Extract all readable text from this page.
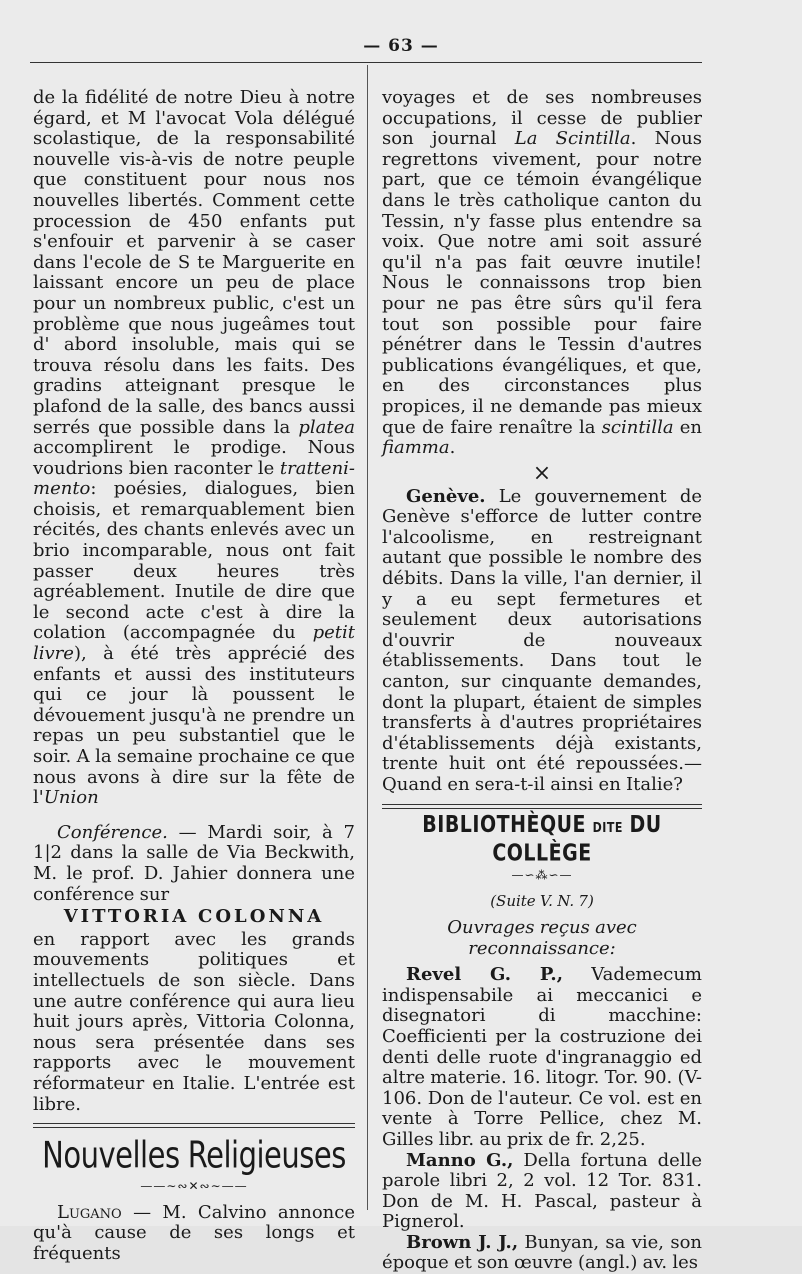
— 63 —

de la fidélité de notre Dieu à notre égard, et M l'avocat Vola délégué scolastique, de la responsabilité nouvelle vis-à-vis de notre peuple que constituent pour nous nos nouvelles libertés. Comment cette procession de 450 enfants put s'enfouir et parvenir à se caser dans l'ecole de S te Marguerite en laissant encore un peu de place pour un nombreux public, c'est un problème que nous jugeâmes tout d' abord insoluble, mais qui se trouva résolu dans les faits. Des gradins atteignant presque le plafond de la salle, des bancs aussi serrés que possible dans la platea accomplirent le prodige. Nous voudrions bien raconter le tratteni-mento: poésies, dialogues, bien choisis, et remarquablement bien récités, des chants enlevés avec un brio incomparable, nous ont fait passer deux heures très agréablement. Inutile de dire que le second acte c'est à dire la colation (accompagnée du petit livre), à été très apprécié des enfants et aussi des instituteurs qui ce jour là poussent le dévouement jusqu'à ne prendre un repas un peu substantiel que le soir. A la semaine prochaine ce que nous avons à dire sur la fête de l'Union

Conférence. — Mardi soir, à 7 1|2 dans la salle de Via Beckwith, M. le prof. D. Jahier donnera une conférence sur

VITTORIA COLONNA

en rapport avec les grands mouvements politiques et intellectuels de son siècle. Dans une autre conférence qui aura lieu huit jours après, Vittoria Colonna, nous sera présentée dans ses rapports avec le mouvement réformateur en Italie. L'entrée est libre.

Nouvelles Religieuses
——∼∾✕∾∼——

Lugano — M. Calvino annonce qu'à cause de ses longs et fréquents

voyages et de ses nombreuses occupations, il cesse de publier son journal La Scintilla. Nous regrettons vivement, pour notre part, que ce témoin évangélique dans le très catholique canton du Tessin, n'y fasse plus entendre sa voix. Que notre ami soit assuré qu'il n'a pas fait œuvre inutile! Nous le connaissons trop bien pour ne pas être sûrs qu'il fera tout son possible pour faire pénétrer dans le Tessin d'autres publications évangéliques, et que, en des circonstances plus propices, il ne demande pas mieux que de faire renaître la scintilla en fiamma.

×

Genève. Le gouvernement de Genève s'efforce de lutter contre l'alcoolisme, en restreignant autant que possible le nombre des débits. Dans la ville, l'an dernier, il y a eu sept fermetures et seulement deux autorisations d'ouvrir de nouveaux établissements. Dans tout le canton, sur cinquante demandes, dont la plupart, étaient de simples transferts à d'autres propriétaires d'établissements déjà existants, trente huit ont été repoussées.— Quand en sera-t-il ainsi en Italie?

BIBLIOTHÈQUE DITE DU COLLÈGE
—∽⁂∽—
(Suite V. N. 7)
Ouvrages reçus avec reconnaissance:

Revel G. P., Vademecum indispensabile ai meccanici e disegnatori di macchine: Coefficienti per la costruzione dei denti delle ruote d'ingranaggio ed altre materie. 16. litogr. Tor. 90. (V-106. Don de l'auteur. Ce vol. est en vente à Torre Pellice, chez M. Gilles libr. au prix de fr. 2,25.

Manno G., Della fortuna delle parole libri 2, 2 vol. 12 Tor. 831. Don de M. H. Pascal, pasteur à Pignerol.

Brown J. J., Bunyan, sa vie, son époque et son œuvre (angl.) av. les
